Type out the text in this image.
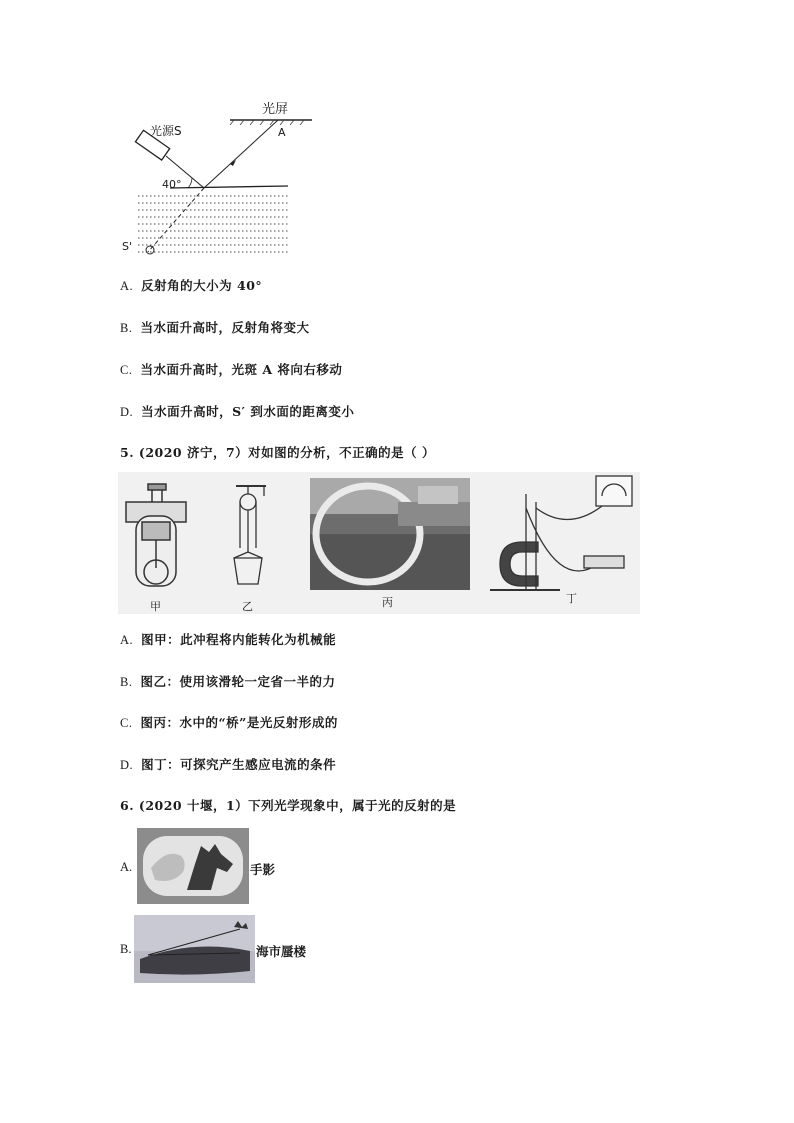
光屏
光源S	A
40°
S'
A. 反射角的大小为 40°
B. 当水面升高时，反射角将变大
C. 当水面升高时，光斑 A 将向右移动
D. 当水面升高时，S′ 到水面的距离变小
5. (2020 济宁，7）对如图的分析，不正确的是（ ）
甲	乙	丙	丁
A. 图甲：此冲程将内能转化为机械能
B. 图乙：使用该滑轮一定省一半的力
C. 图丙：水中的“桥”是光反射形成的
D. 图丁：可探究产生感应电流的条件
6. (2020 十堰，1）下列光学现象中，属于光的反射的是
A.	手影
B.	海市蜃楼
